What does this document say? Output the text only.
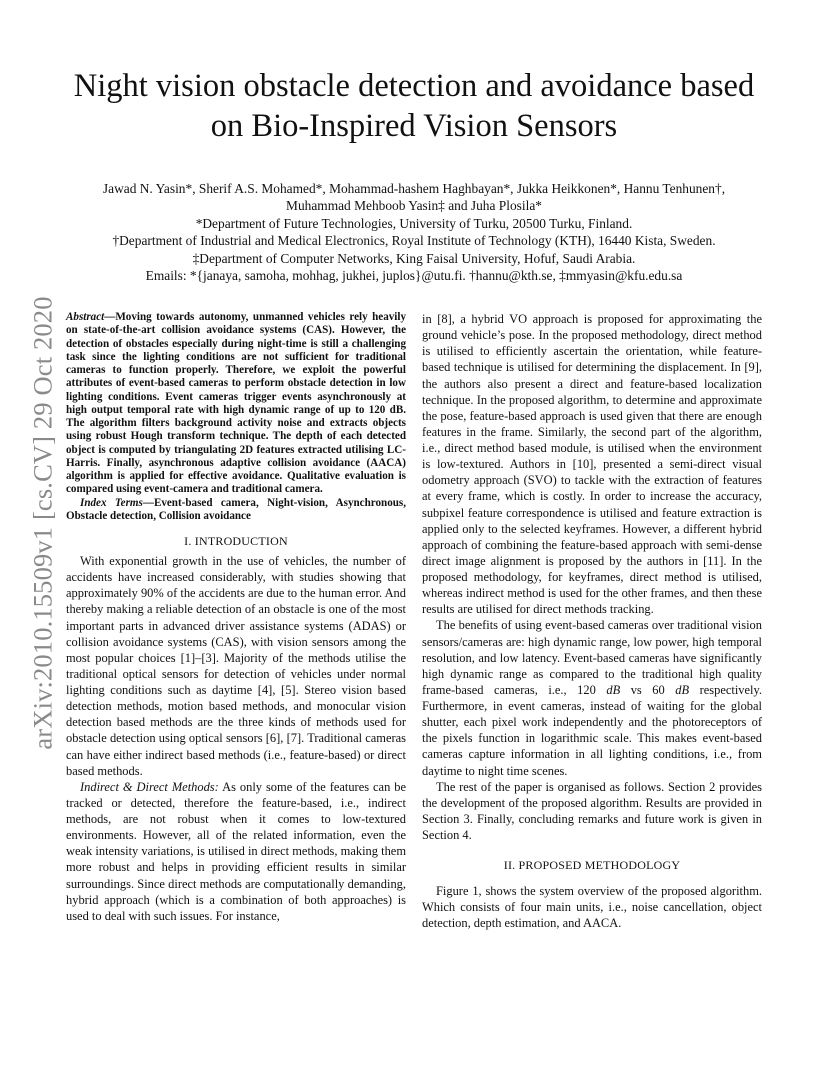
Night vision obstacle detection and avoidance based
on Bio-Inspired Vision Sensors
Jawad N. Yasin*, Sherif A.S. Mohamed*, Mohammad-hashem Haghbayan*, Jukka Heikkonen*, Hannu Tenhunen†,
Muhammad Mehboob Yasin‡ and Juha Plosila*
*Department of Future Technologies, University of Turku, 20500 Turku, Finland.
†Department of Industrial and Medical Electronics, Royal Institute of Technology (KTH), 16440 Kista, Sweden.
‡Department of Computer Networks, King Faisal University, Hofuf, Saudi Arabia.
Emails: *{janaya, samoha, mohhag, jukhei, juplos}@utu.fi. †hannu@kth.se, ‡mmyasin@kfu.edu.sa
arXiv:2010.15509v1 [cs.CV] 29 Oct 2020 Abstract—Moving towards autonomy, unmanned vehicles rely heavily on state-of-the-art collision avoidance systems (CAS). However, the detection of obstacles especially during night-time is still a challenging task since the lighting conditions are not sufficient for traditional cameras to function properly. Therefore, we exploit the powerful attributes of event-based cameras to perform obstacle detection in low lighting conditions. Event cameras trigger events asynchronously at high output temporal rate with high dynamic range of up to 120 dB. The algorithm filters background activity noise and extracts objects using robust Hough transform technique. The depth of each detected object is computed by triangulating 2D features extracted utilising LC-Harris. Finally, asynchronous adaptive collision avoidance (AACA) algorithm is applied for effective avoidance. Qualitative evaluation is compared using event-camera and traditional camera.

Index Terms—Event-based camera, Night-vision, Asynchronous, Obstacle detection, Collision avoidance

I. INTRODUCTION

With exponential growth in the use of vehicles, the number of accidents have increased considerably, with studies showing that approximately 90% of the accidents are due to the human error. And thereby making a reliable detection of an obstacle is one of the most important parts in advanced driver assistance systems (ADAS) or collision avoidance systems (CAS), with vision sensors among the most popular choices [1]–[3]. Majority of the methods utilise the traditional optical sensors for detection of vehicles under normal lighting conditions such as daytime [4], [5]. Stereo vision based detection methods, motion based methods, and monocular vision detection based methods are the three kinds of methods used for obstacle detection using optical sensors [6], [7]. Traditional cameras can have either indirect based methods (i.e., feature-based) or direct based methods.

Indirect & Direct Methods: As only some of the features can be tracked or detected, therefore the feature-based, i.e., indirect methods, are not robust when it comes to low-textured environments. However, all of the related information, even the weak intensity variations, is utilised in direct methods, making them more robust and helps in providing efficient results in similar surroundings. Since direct methods are computationally demanding, hybrid approach (which is a combination of both approaches) is used to deal with such issues. For instance,

in [8], a hybrid VO approach is proposed for approximating the ground vehicle’s pose. In the proposed methodology, direct method is utilised to efficiently ascertain the orientation, while feature-based technique is utilised for determining the displacement. In [9], the authors also present a direct and feature-based localization technique. In the proposed algorithm, to determine and approximate the pose, feature-based approach is used given that there are enough features in the frame. Similarly, the second part of the algorithm, i.e., direct method based module, is utilised when the environment is low-textured. Authors in [10], presented a semi-direct visual odometry approach (SVO) to tackle with the extraction of features at every frame, which is costly. In order to increase the accuracy, subpixel feature correspondence is utilised and feature extraction is applied only to the selected keyframes. However, a different hybrid approach of combining the feature-based approach with semi-dense direct image alignment is proposed by the authors in [11]. In the proposed methodology, for keyframes, direct method is utilised, whereas indirect method is used for the other frames, and then these results are utilised for direct methods tracking.

The benefits of using event-based cameras over traditional vision sensors/cameras are: high dynamic range, low power, high temporal resolution, and low latency. Event-based cameras have significantly high dynamic range as compared to the traditional high quality frame-based cameras, i.e., 120 dB vs 60 dB respectively. Furthermore, in event cameras, instead of waiting for the global shutter, each pixel work independently and the photoreceptors of the pixels function in logarithmic scale. This makes event-based cameras capture information in all lighting conditions, i.e., from daytime to night time scenes.

The rest of the paper is organised as follows. Section 2 provides the development of the proposed algorithm. Results are provided in Section 3. Finally, concluding remarks and future work is given in Section 4.

II. PROPOSED METHODOLOGY

Figure 1, shows the system overview of the proposed algorithm. Which consists of four main units, i.e., noise cancellation, object detection, depth estimation, and AACA.
